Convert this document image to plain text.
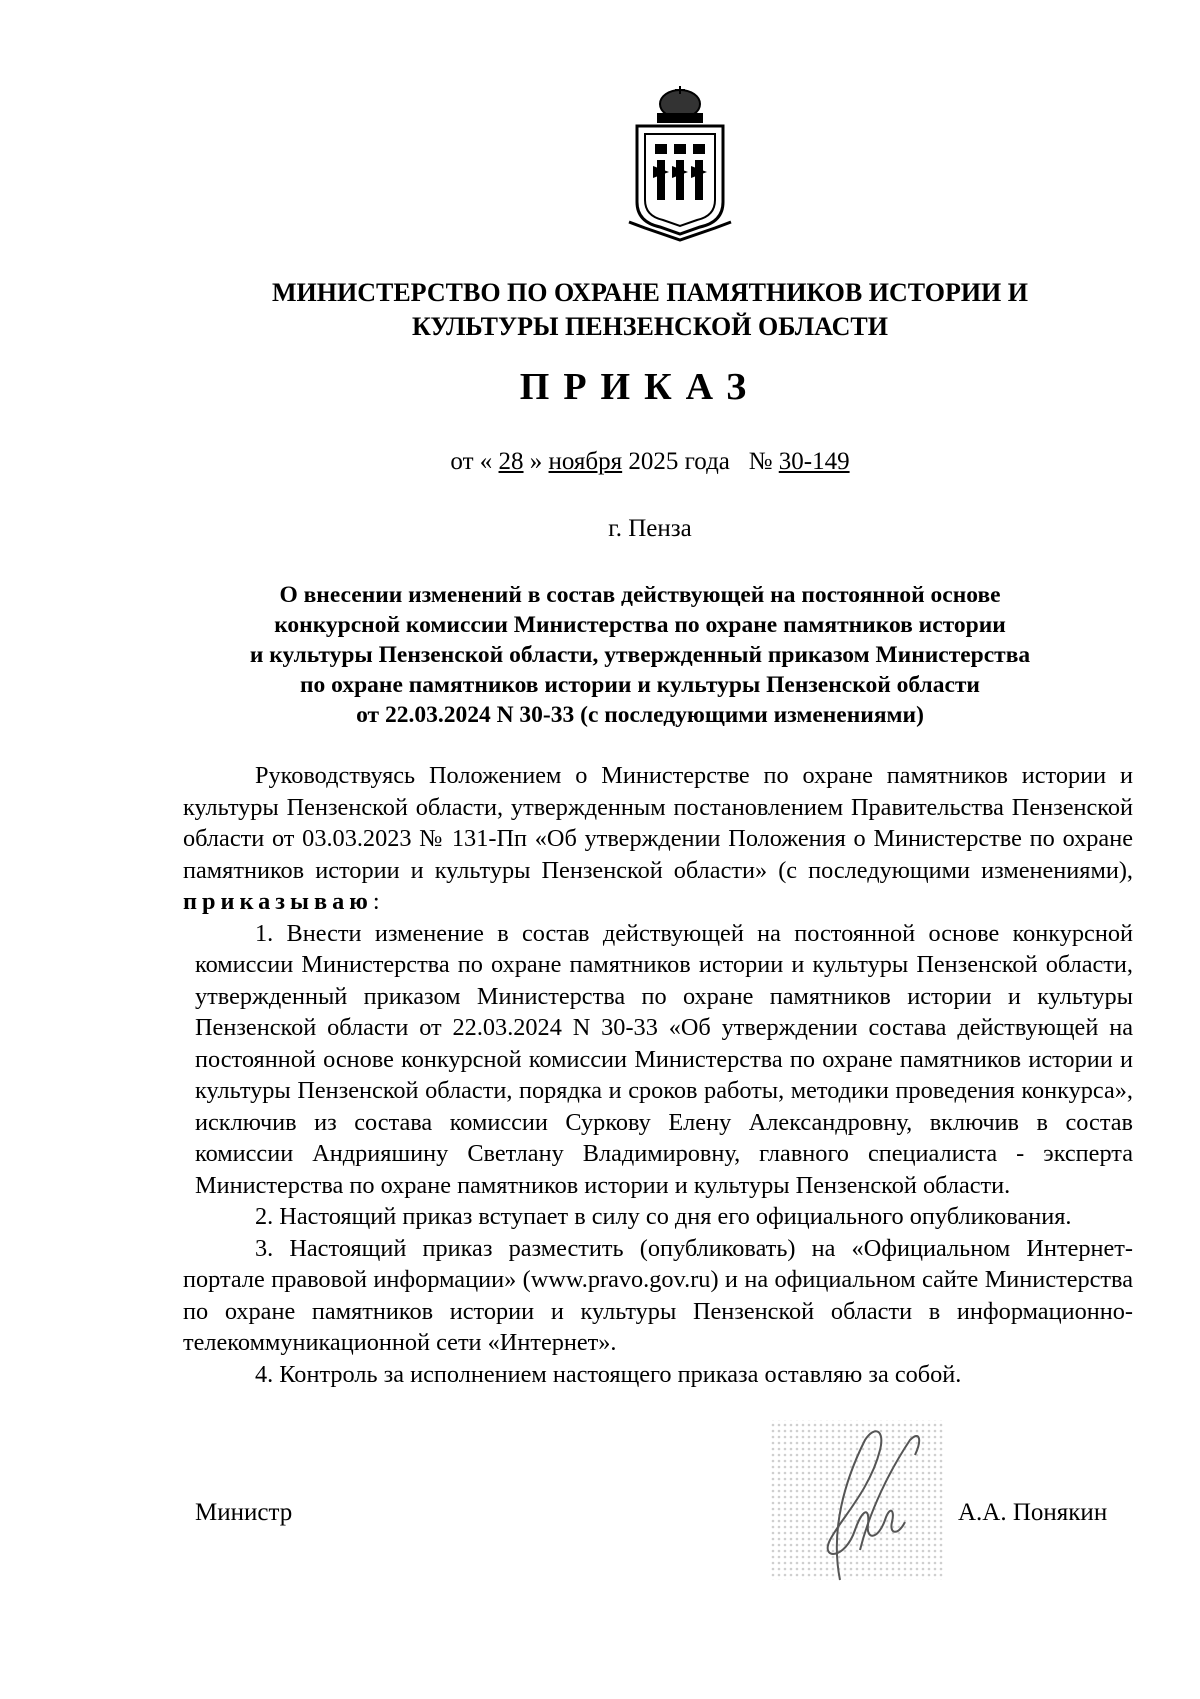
МИНИСТЕРСТВО ПО ОХРАНЕ ПАМЯТНИКОВ ИСТОРИИ И
КУЛЬТУРЫ ПЕНЗЕНСКОЙ ОБЛАСТИ
ПРИКАЗ
от « 28 » ноября 2025 года № 30-149
г. Пенза
О внесении изменений в состав действующей на постоянной основе
конкурсной комиссии Министерства по охране памятников истории
и культуры Пензенской области, утвержденный приказом Министерства
по охране памятников истории и культуры Пензенской области
от 22.03.2024 N 30-33 (с последующими изменениями)

Руководствуясь Положением о Министерстве по охране памятников истории и культуры Пензенской области, утвержденным постановлением Правительства Пензенской области от 03.03.2023 № 131-Пп «Об утверждении Положения о Министерстве по охране памятников истории и культуры Пензенской области» (с последующими изменениями), приказываю:

1. Внести изменение в состав действующей на постоянной основе конкурсной комиссии Министерства по охране памятников истории и культуры Пензенской области, утвержденный приказом Министерства по охране памятников истории и культуры Пензенской области от 22.03.2024 N 30-33 «Об утверждении состава действующей на постоянной основе конкурсной комиссии Министерства по охране памятников истории и культуры Пензенской области, порядка и сроков работы, методики проведения конкурса», исключив из состава комиссии Суркову Елену Александровну, включив в состав комиссии Андрияшину Светлану Владимировну, главного специалиста - эксперта Министерства по охране памятников истории и культуры Пензенской области.

2. Настоящий приказ вступает в силу со дня его официального опубликования.

3. Настоящий приказ разместить (опубликовать) на «Официальном Интернет-портале правовой информации» (www.pravo.gov.ru) и на официальном сайте Министерства по охране памятников истории и культуры Пензенской области в информационно-телекоммуникационной сети «Интернет».

4. Контроль за исполнением настоящего приказа оставляю за собой.

Министр	А.А. Понякин
